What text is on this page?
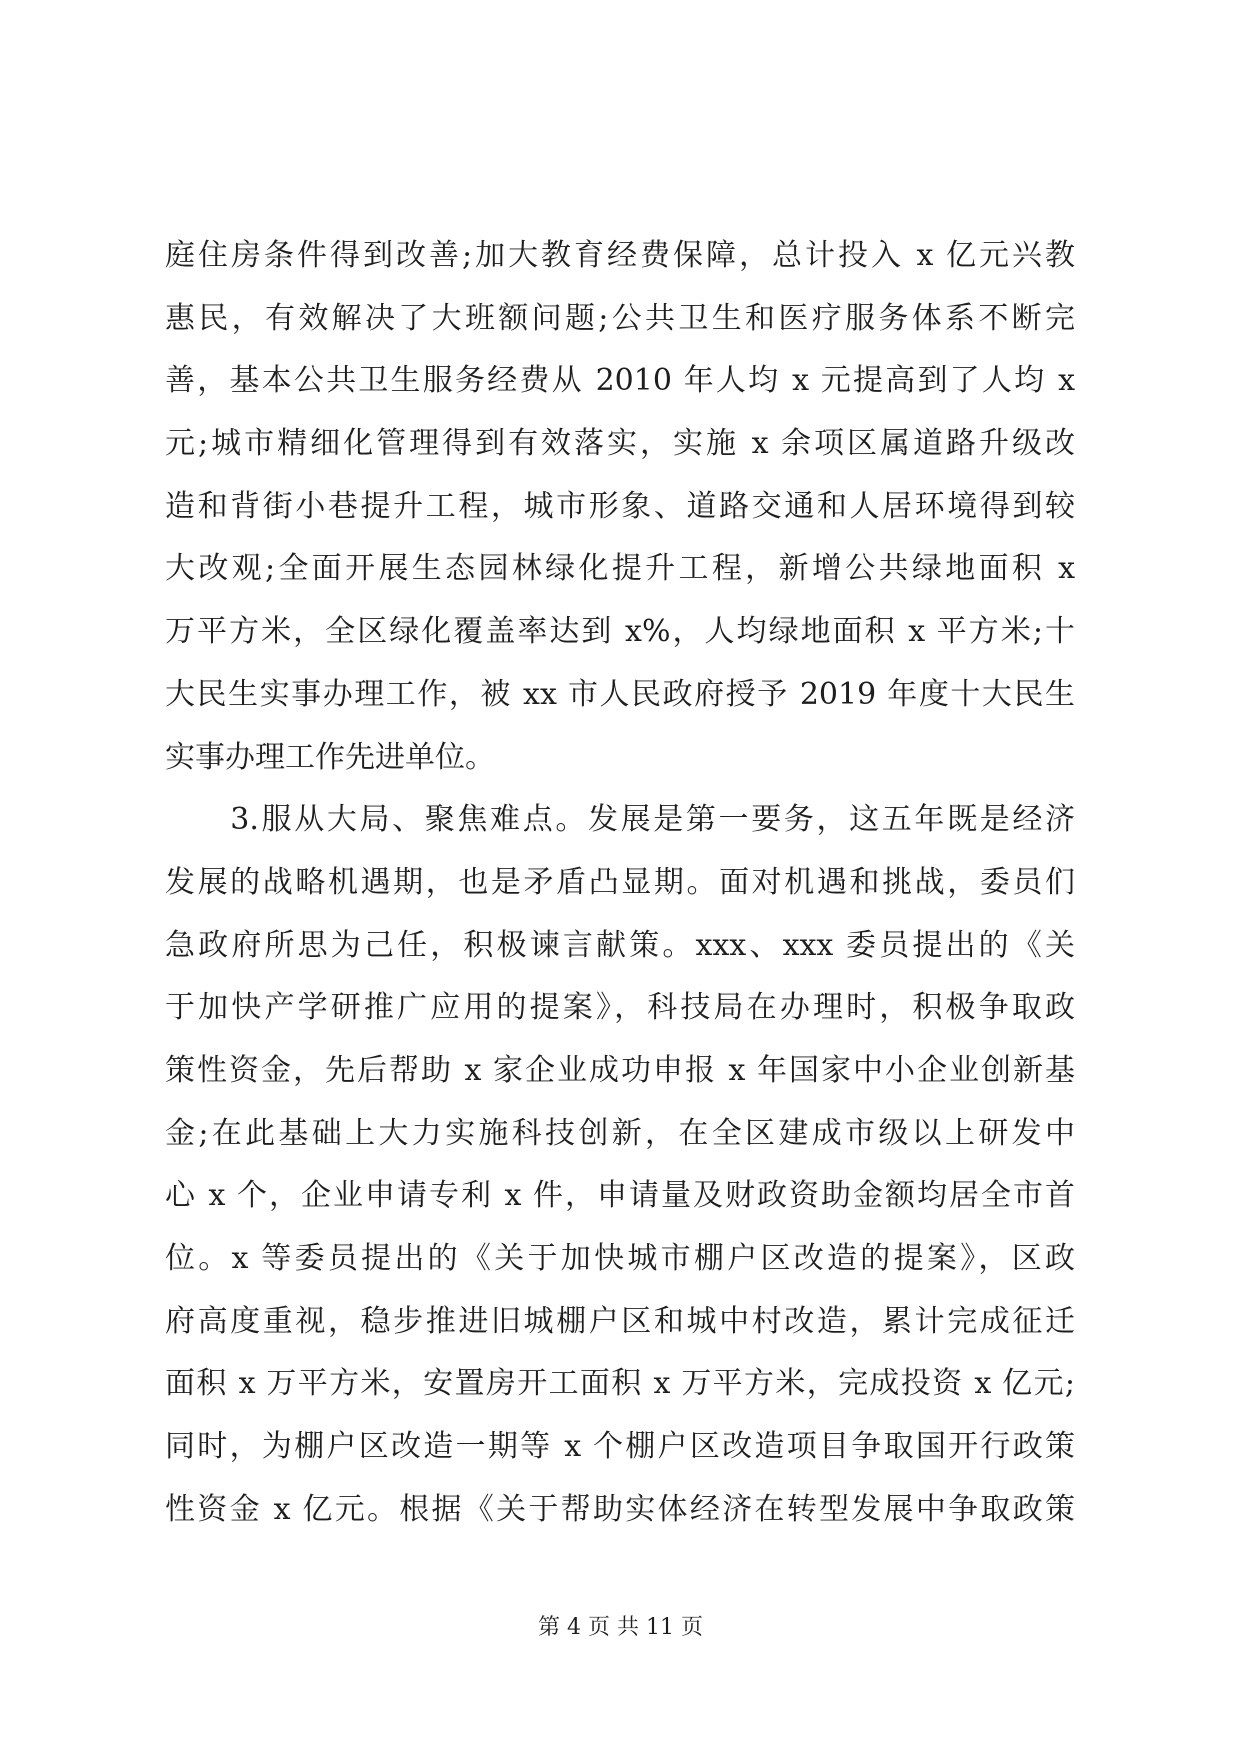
庭住房条件得到改善;加大教育经费保障，总计投入 x 亿元兴教
惠民，有效解决了大班额问题;公共卫生和医疗服务体系不断完
善，基本公共卫生服务经费从 2010 年人均 x 元提高到了人均 x
元;城市精细化管理得到有效落实，实施 x 余项区属道路升级改
造和背街小巷提升工程，城市形象、道路交通和人居环境得到较
大改观;全面开展生态园林绿化提升工程，新增公共绿地面积 x
万平方米，全区绿化覆盖率达到 x%，人均绿地面积 x 平方米;十
大民生实事办理工作，被 xx 市人民政府授予 2019 年度十大民生
实事办理工作先进单位。
　　3.服从大局、聚焦难点。发展是第一要务，这五年既是经济
发展的战略机遇期，也是矛盾凸显期。面对机遇和挑战，委员们
急政府所思为己任，积极谏言献策。xxx、xxx 委员提出的《关
于加快产学研推广应用的提案》，科技局在办理时，积极争取政
策性资金，先后帮助 x 家企业成功申报 x 年国家中小企业创新基
金;在此基础上大力实施科技创新，在全区建成市级以上研发中
心 x 个，企业申请专利 x 件，申请量及财政资助金额均居全市首
位。x 等委员提出的《关于加快城市棚户区改造的提案》，区政
府高度重视，稳步推进旧城棚户区和城中村改造，累计完成征迁
面积 x 万平方米，安置房开工面积 x 万平方米，完成投资 x 亿元;
同时，为棚户区改造一期等 x 个棚户区改造项目争取国开行政策
性资金 x 亿元。根据《关于帮助实体经济在转型发展中争取政策
第 4 页 共 11 页
